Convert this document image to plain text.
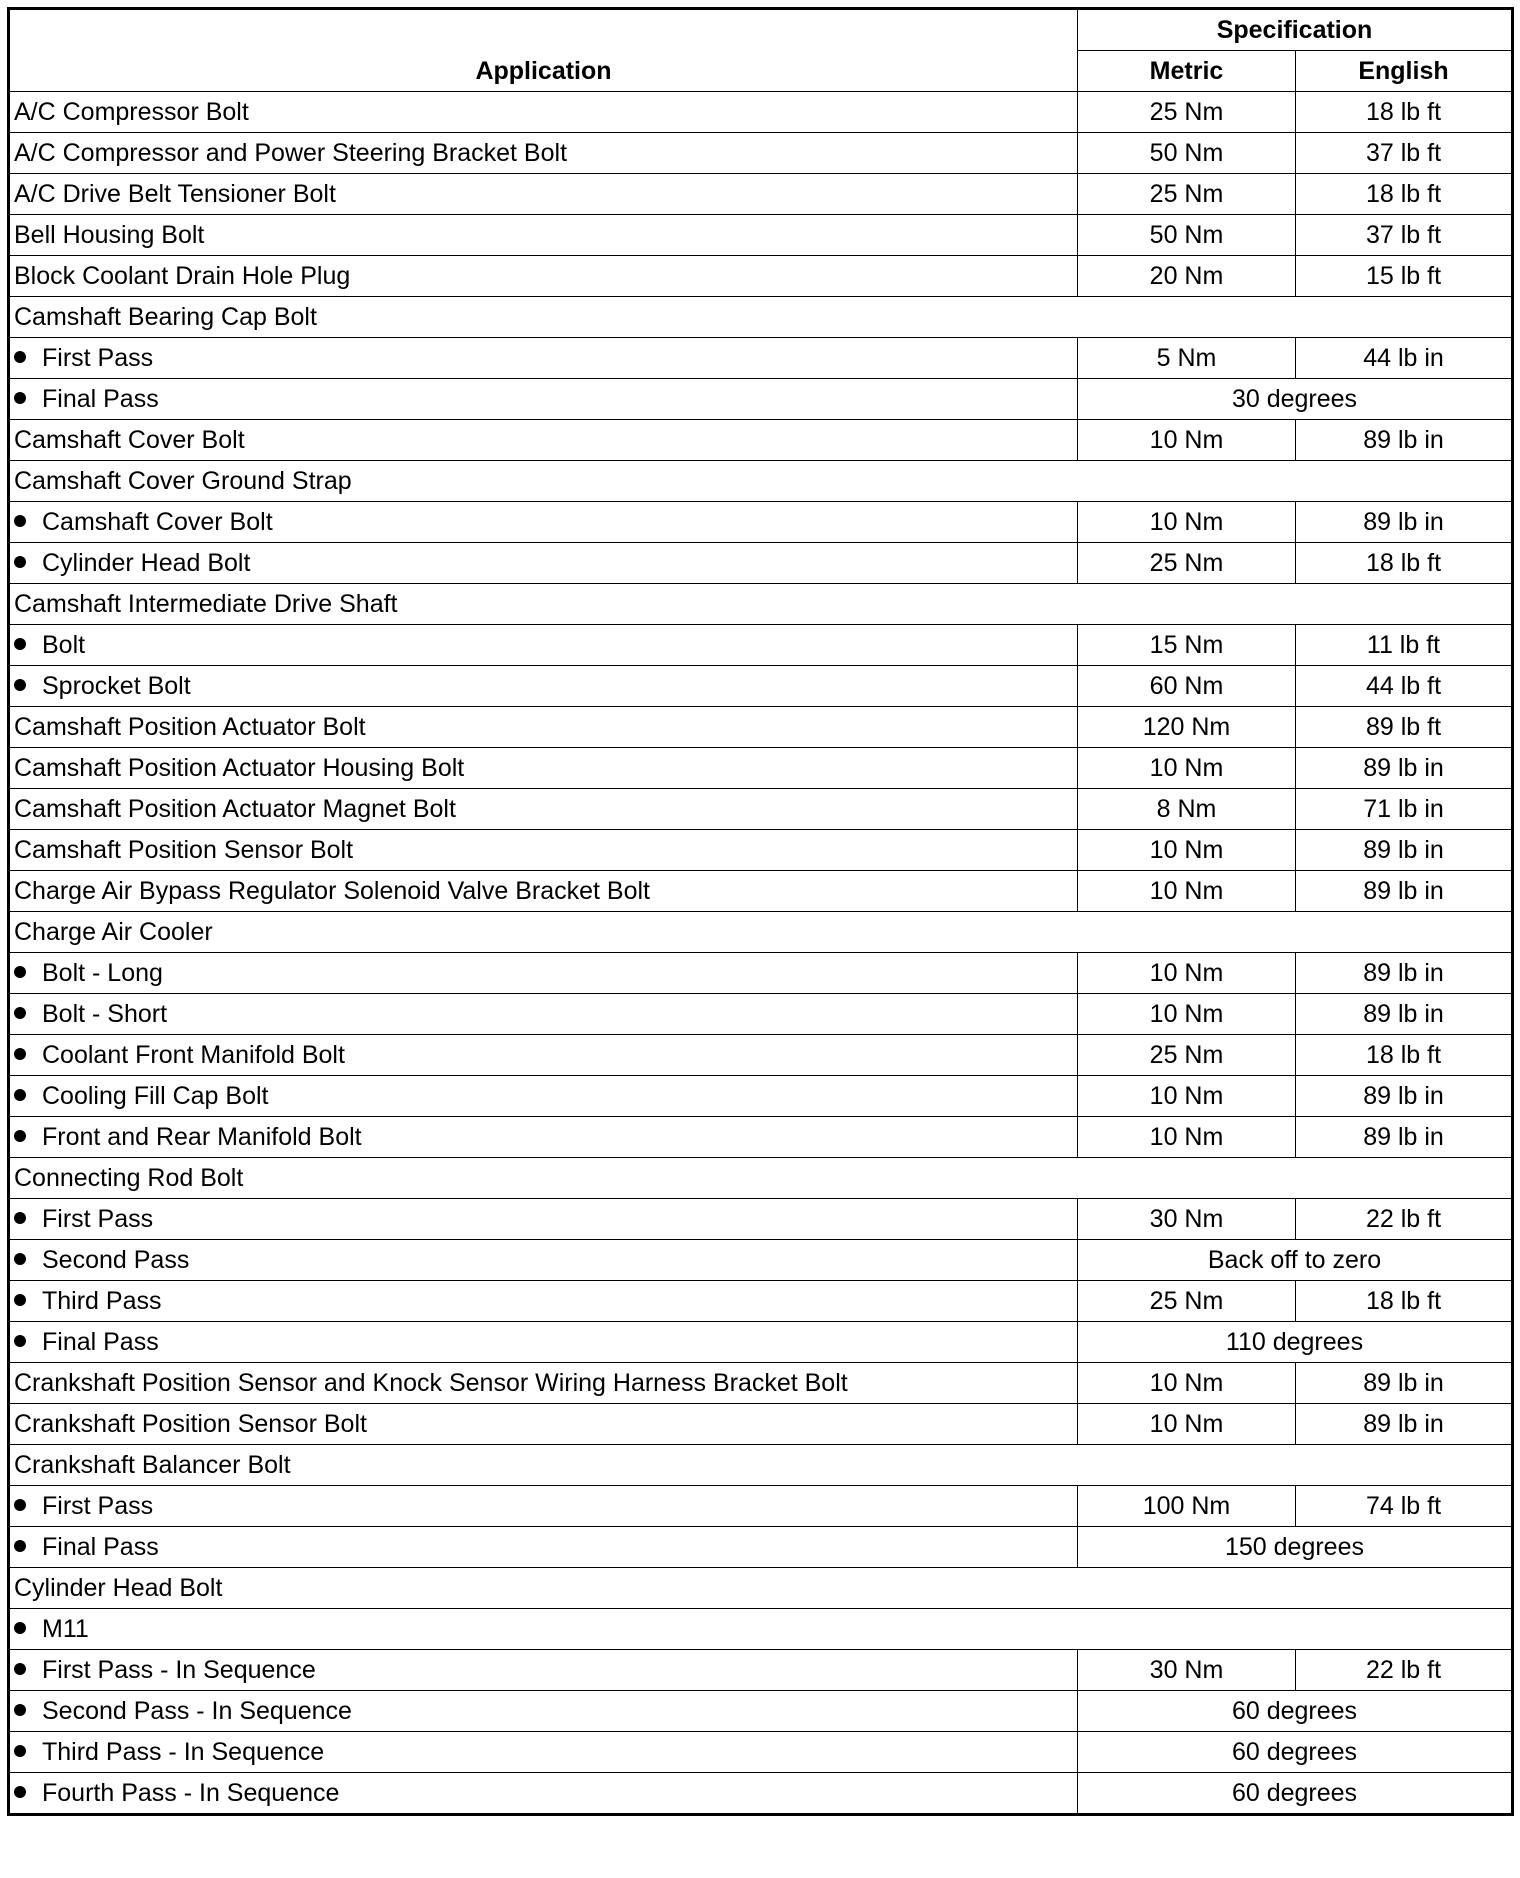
Application	Specification	
	Metric	English
A/C Compressor Bolt	25 Nm	18 lb ft
A/C Compressor and Power Steering Bracket Bolt	50 Nm	37 lb ft
A/C Drive Belt Tensioner Bolt	25 Nm	18 lb ft
Bell Housing Bolt	50 Nm	37 lb ft
Block Coolant Drain Hole Plug	20 Nm	15 lb ft
Camshaft Bearing Cap Bolt		
First Pass	5 Nm	44 lb in
Final Pass	30 degrees	
Camshaft Cover Bolt	10 Nm	89 lb in
Camshaft Cover Ground Strap		
Camshaft Cover Bolt	10 Nm	89 lb in
Cylinder Head Bolt	25 Nm	18 lb ft
Camshaft Intermediate Drive Shaft		
Bolt	15 Nm	11 lb ft
Sprocket Bolt	60 Nm	44 lb ft
Camshaft Position Actuator Bolt	120 Nm	89 lb ft
Camshaft Position Actuator Housing Bolt	10 Nm	89 lb in
Camshaft Position Actuator Magnet Bolt	8 Nm	71 lb in
Camshaft Position Sensor Bolt	10 Nm	89 lb in
Charge Air Bypass Regulator Solenoid Valve Bracket Bolt	10 Nm	89 lb in
Charge Air Cooler		
Bolt - Long	10 Nm	89 lb in
Bolt - Short	10 Nm	89 lb in
Coolant Front Manifold Bolt	25 Nm	18 lb ft
Cooling Fill Cap Bolt	10 Nm	89 lb in
Front and Rear Manifold Bolt	10 Nm	89 lb in
Connecting Rod Bolt		
First Pass	30 Nm	22 lb ft
Second Pass	Back off to zero	
Third Pass	25 Nm	18 lb ft
Final Pass	110 degrees	
Crankshaft Position Sensor and Knock Sensor Wiring Harness Bracket Bolt	10 Nm	89 lb in
Crankshaft Position Sensor Bolt	10 Nm	89 lb in
Crankshaft Balancer Bolt		
First Pass	100 Nm	74 lb ft
Final Pass	150 degrees	
Cylinder Head Bolt		
M11		
First Pass - In Sequence	30 Nm	22 lb ft
Second Pass - In Sequence	60 degrees	
Third Pass - In Sequence	60 degrees	
Fourth Pass - In Sequence	60 degrees	
